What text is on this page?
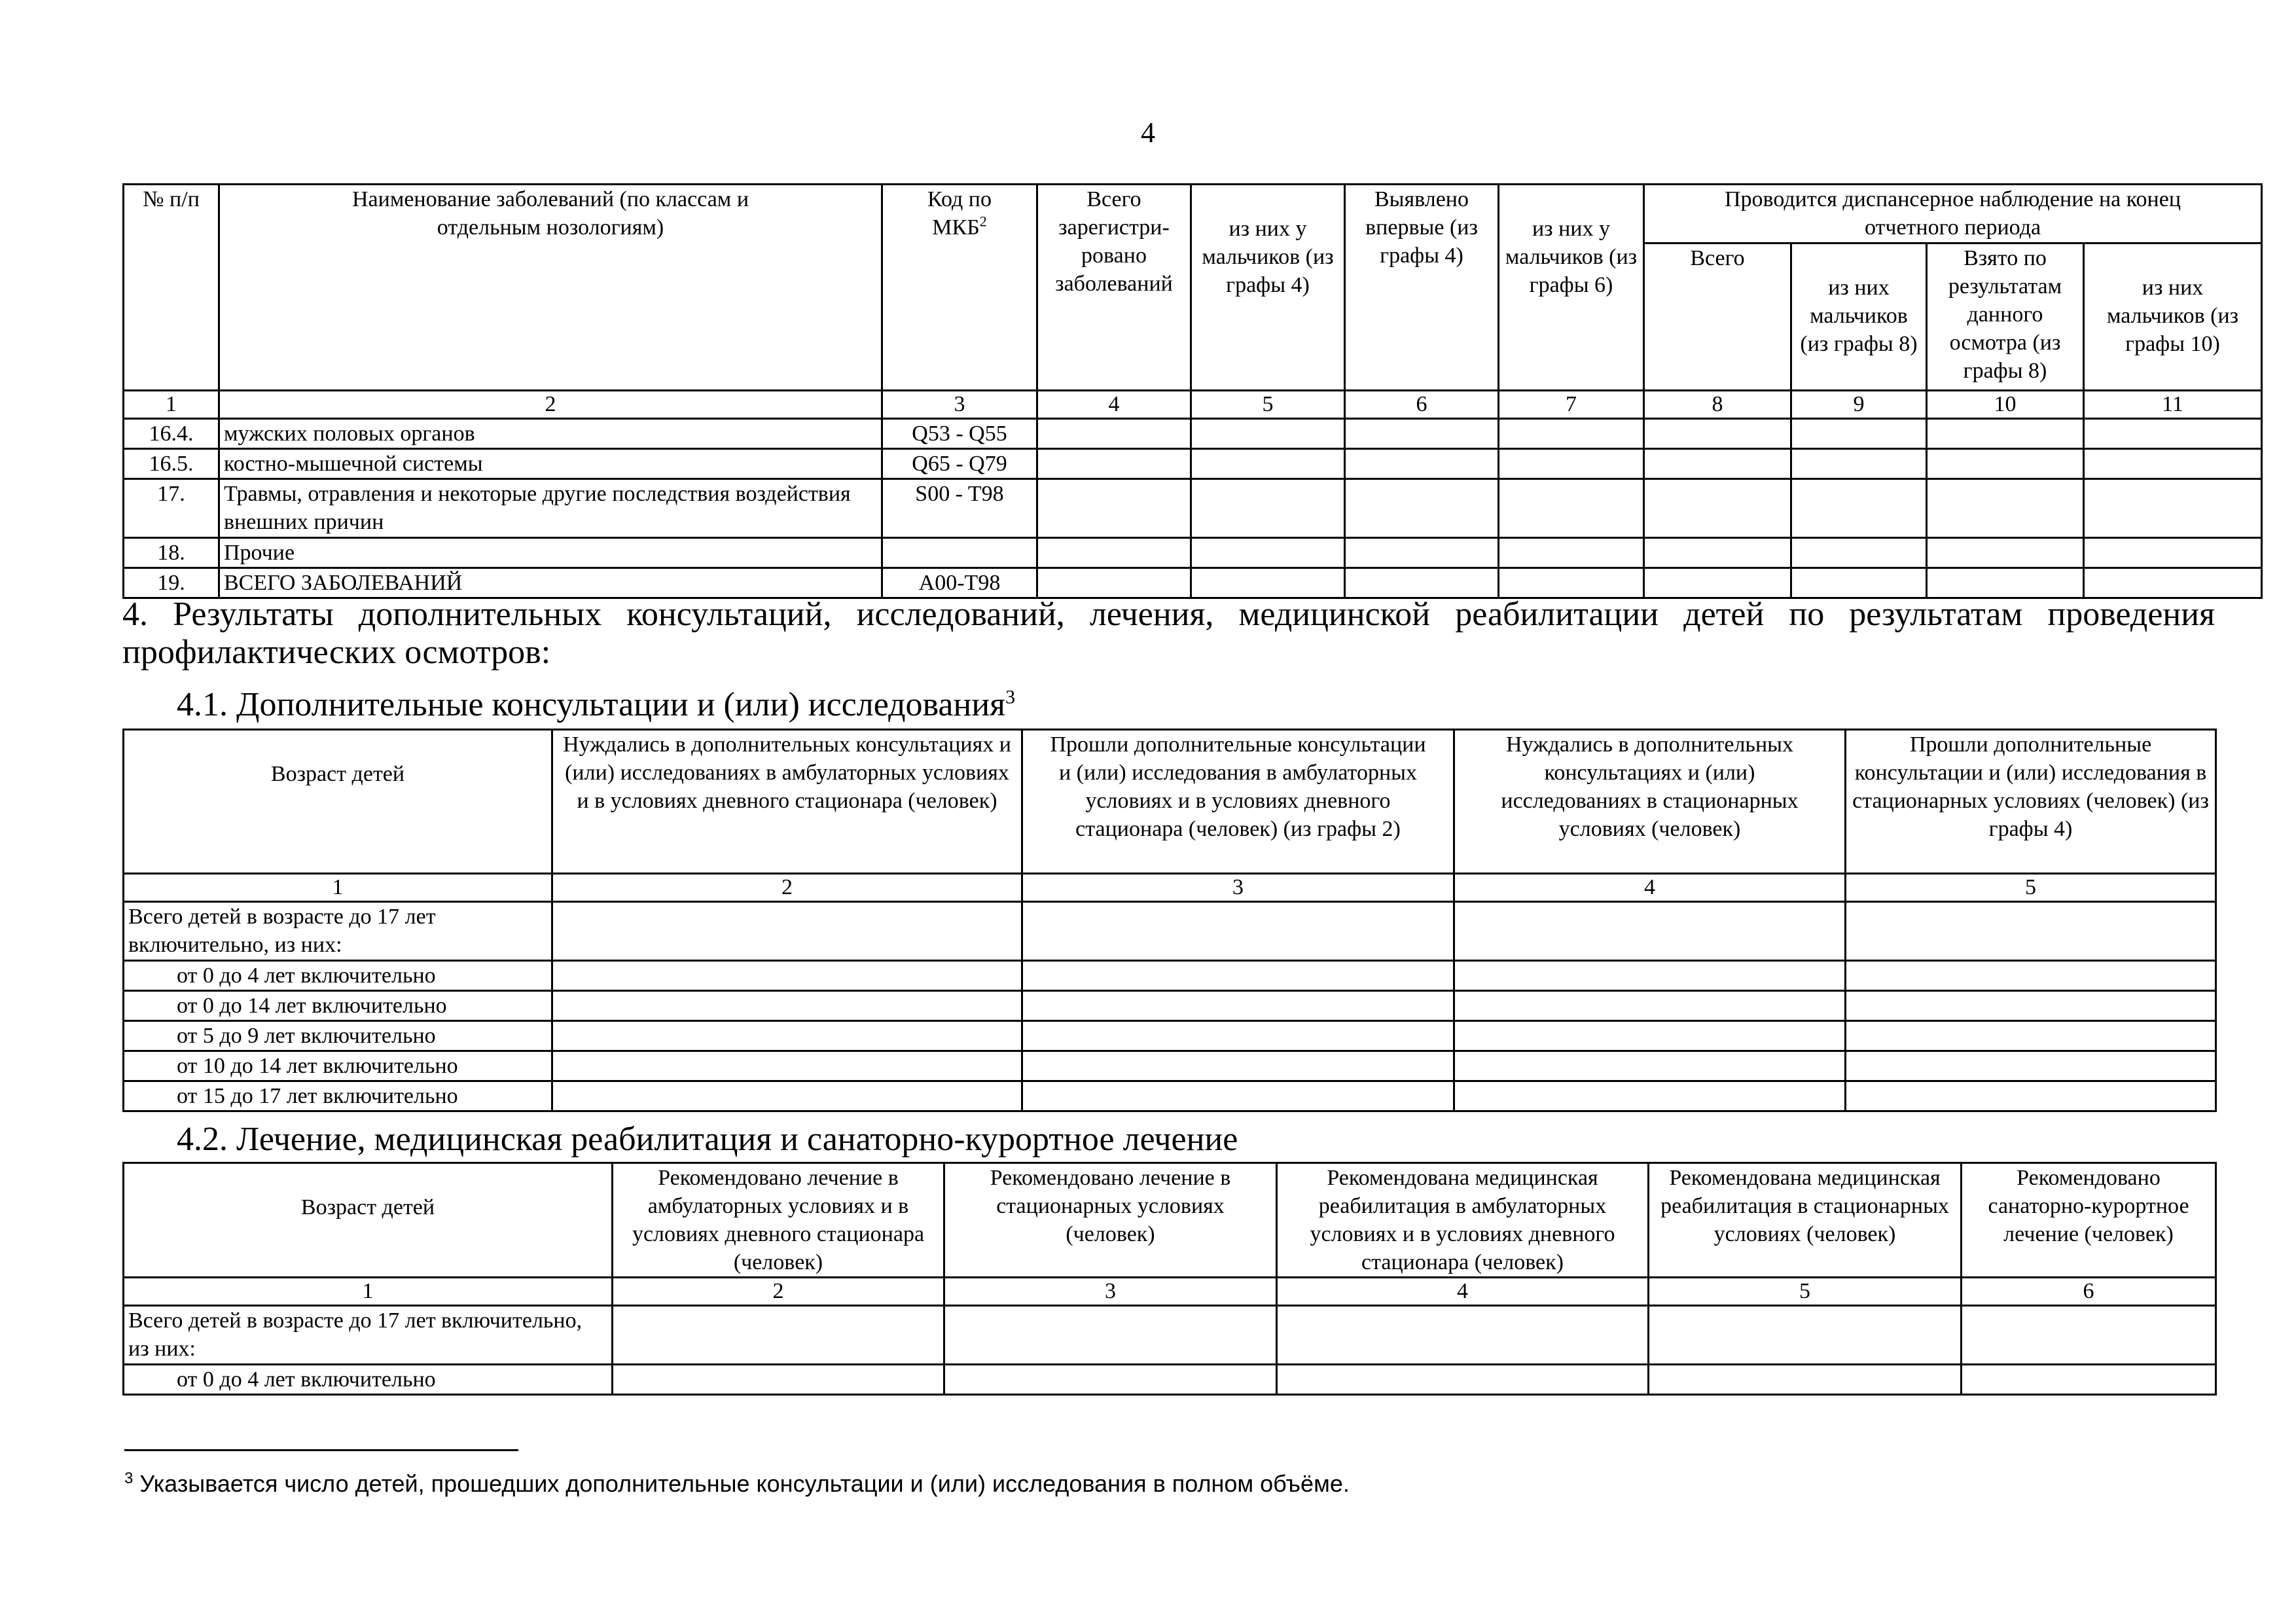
4
№ п/п	Наименование заболеваний (по классам и отдельным нозологиям)	Код по МКБ$^2$	Всего зарегистри-ровано заболеваний	из них у мальчиков (из графы 4)	Выявлено впервые (из графы 4)	из них у мальчиков (из графы 6)	Проводится диспансерное наблюдение на конец отчетного периода			
							Всего	из них мальчиков (из графы 8)	Взято по результатам данного осмотра (из графы 8)	из них мальчиков (из графы 10)
1	2	3	4	5	6	7	8	9	10	11
16.4.	мужских половых органов	Q53 - Q55								
16.5.	костно-мышечной системы	Q65 - Q79								
17.	Травмы, отравления и некоторые другие последствия воздействия внешних причин	S00 - T98								
18.	Прочие									
19.	ВСЕГО ЗАБОЛЕВАНИЙ	A00-T98								
4. Результаты дополнительных консультаций, исследований, лечения, медицинской реабилитации детей по результатам проведения профилактических осмотров:
4.1. Дополнительные консультации и (или) исследования$^3$
Возраст детей	Нуждались в дополнительных консультациях и (или) исследованиях в амбулаторных условиях и в условиях дневного стационара (человек)	Прошли дополнительные консультации и (или) исследования в амбулаторных условиях и в условиях дневного стационара (человек) (из графы 2)	Нуждались в дополнительных консультациях и (или) исследованиях в стационарных условиях (человек)	Прошли дополнительные консультации и (или) исследования в стационарных условиях (человек) (из графы 4)
1	2	3	4	5
Всего детей в возрасте до 17 лет включительно, из них:				
от 0 до 4 лет включительно				
от 0 до 14 лет включительно				
от 5 до 9 лет включительно				
от 10 до 14 лет включительно				
от 15 до 17 лет включительно				
4.2. Лечение, медицинская реабилитация и санаторно-курортное лечение
Возраст детей	Рекомендовано лечение в амбулаторных условиях и в условиях дневного стационара (человек)	Рекомендовано лечение в стационарных условиях (человек)	Рекомендована медицинская реабилитация в амбулаторных условиях и в условиях дневного стационара (человек)	Рекомендована медицинская реабилитация в стационарных условиях (человек)	Рекомендовано санаторно-курортное лечение (человек)
1	2	3	4	5	6
Всего детей в возрасте до 17 лет включительно, из них:					
от 0 до 4 лет включительно					
$^3$ Указывается число детей, прошедших дополнительные консультации и (или) исследования в полном объёме.
